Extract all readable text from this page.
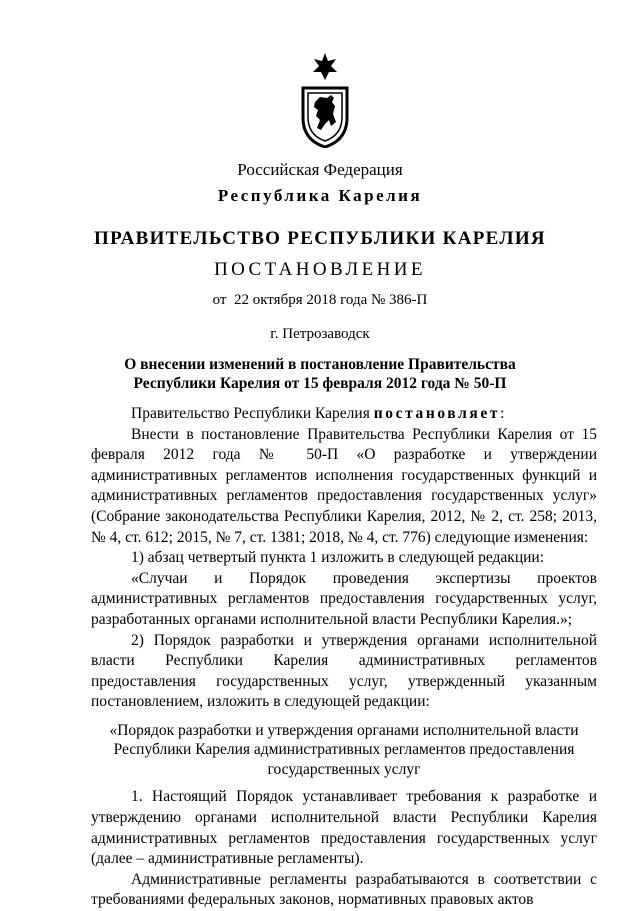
Российская Федерация
Республика Карелия
ПРАВИТЕЛЬСТВО РЕСПУБЛИКИ КАРЕЛИЯ
ПОСТАНОВЛЕНИЕ
от  22 октября 2018 года № 386-П
г. Петрозаводск
О внесении изменений в постановление Правительства
Республики Карелия от 15 февраля 2012 года № 50-П

Правительство Республики Карелия постановляет:

Внести в постановление Правительства Республики Карелия от 15 февраля 2012 года № 50-П «О разработке и утверждении административных регламентов исполнения государственных функций и административных регламентов предоставления государственных услуг» (Собрание законодательства Республики Карелия, 2012, № 2, ст. 258; 2013, № 4, ст. 612; 2015, № 7, ст. 1381; 2018, № 4, ст. 776) следующие изменения:

1) абзац четвертый пункта 1 изложить в следующей редакции:

«Случаи и Порядок проведения экспертизы проектов административных регламентов предоставления государственных услуг, разработанных органами исполнительной власти Республики Карелия.»;

2) Порядок разработки и утверждения органами исполнительной власти Республики Карелия административных регламентов предоставления государственных услуг, утвержденный указанным постановлением, изложить в следующей редакции:

«Порядок разработки и утверждения органами исполнительной власти
Республики Карелия административных регламентов предоставления
государственных услуг

1. Настоящий Порядок устанавливает требования к разработке и утверждению органами исполнительной власти Республики Карелия административных регламентов предоставления государственных услуг (далее – административные регламенты).

Административные регламенты разрабатываются в соответствии с требованиями федеральных законов, нормативных правовых актов
